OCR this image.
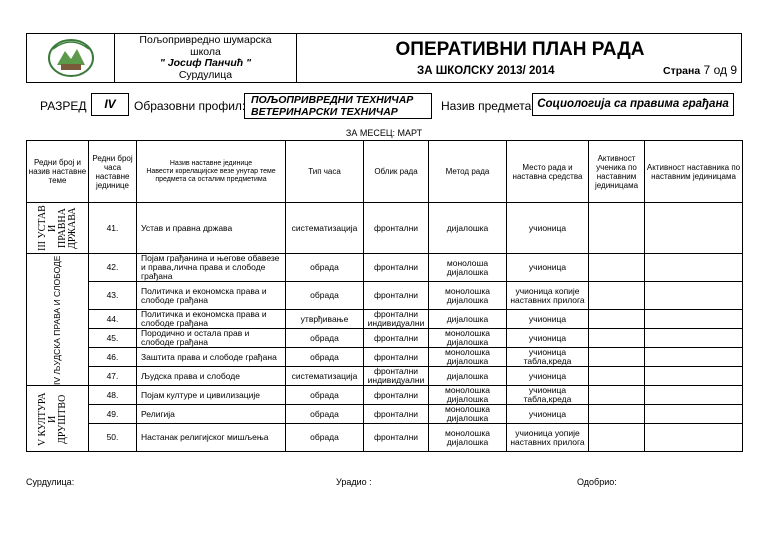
Пољопривредно шумарска
школа
" Јосиф Панчић "
Сурдулица
ОПЕРАТИВНИ ПЛАН РАДА
ЗА ШКОЛСКУ 2013/ 2014	Страна 7 од 9
РАЗРЕД	IV	Образовни профил: ПОЉОПРИВРЕДНИ ТЕХНИЧАР
ВЕТЕРИНАРСКИ ТЕХНИЧАР	Назив предмета Социологија са правима грађана
ЗА МЕСЕЦ: МАРТ
Редни број и назив наставне теме	Редни број часа наставне јединице	Назив наставне јединице
Навести корелацијске везе унутар теме предмета са осталим предметима	Тип часа	Облик рада	Метод рада	Место рада и наставна средства	Активност ученика по наставним јединицама	Активност наставника по наставним јединицама

III УСТАВ И ПРАВНА ДРЖАВА	41.	Устав и правна држава	систематизација	фронтални	дијалошка	учионица		

IV ЉУДСКА ПРАВА И СЛОБОДЕ	42.	Појам грађанина и његове обавезе и права,лична права и слободе грађана	обрада	фронтални	монолоша дијалошка	учионица		
	43.	Политичка и економска права и слободе грађана	обрада	фронтални	монолошка дијалошка	учионица копије наставних прилога		
	44.	Политичка и економска права и слободе грађана	утврђивање	фронтални индивидуални	дијалошка	учионица		
	45.	Породично и остала прав и слободе грађана	обрада	фронтални	монолошка дијалошка	учионица		
	46.	Заштита права и слободе грађана	обрада	фронтални	монолошка дијалошка	учионица табла,креда		
	47.	Људска права и слободе	систематизација	фронтални индивидуални	дијалошка	учионица		

V КУЛТУРА И ДРУШТВО	48.	Појам културе и цивилизације	обрада	фронтални	монолошка дијалошка	учионица табла,креда		
	49.	Религија	обрада	фронтални	монолошка дијалошка	учионица		
	50.	Настанак религијског мишљења	обрада	фронтални	монолошка дијалошка	учионица уопије наставних прилога		
Сурдулица:	Урадио :	Одобрио:
